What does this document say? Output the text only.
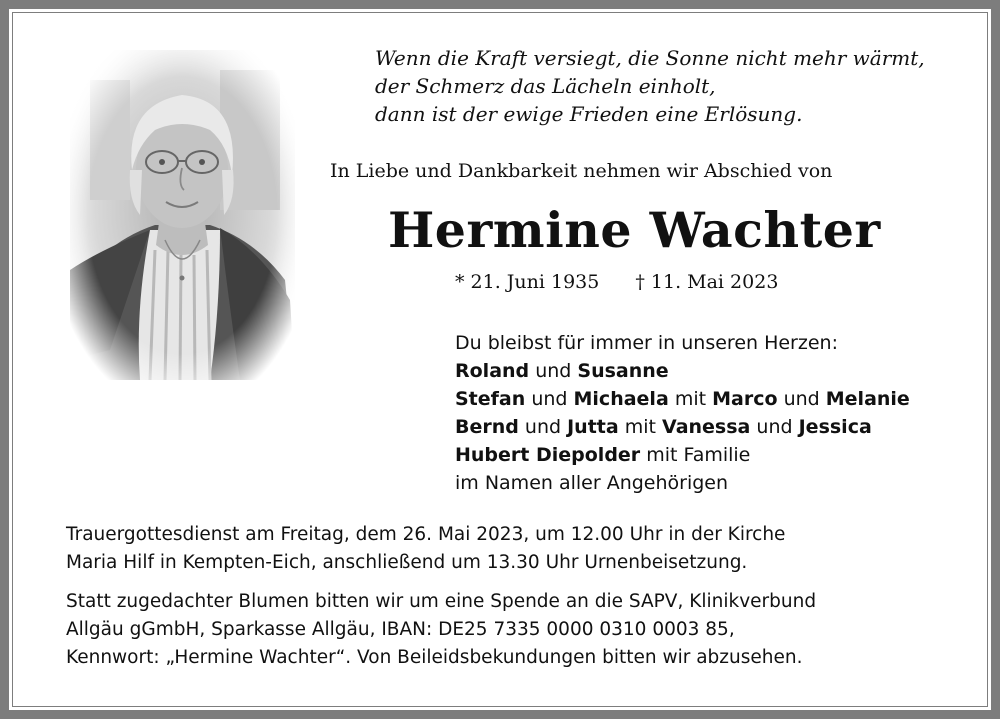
Wenn die Kraft versiegt, die Sonne nicht mehr wärmt,
der Schmerz das Lächeln einholt,
dann ist der ewige Frieden eine Erlösung.
In Liebe und Dankbarkeit nehmen wir Abschied von
Hermine Wachter
* 21. Juni 1935 † 11. Mai 2023
Du bleibst für immer in unseren Herzen:
Roland und Susanne
Stefan und Michaela mit Marco und Melanie
Bernd und Jutta mit Vanessa und Jessica
Hubert Diepolder mit Familie
im Namen aller Angehörigen
Trauergottesdienst am Freitag, dem 26. Mai 2023, um 12.00 Uhr in der Kirche
Maria Hilf in Kempten-Eich, anschließend um 13.30 Uhr Urnenbeisetzung.
Statt zugedachter Blumen bitten wir um eine Spende an die SAPV, Klinikverbund
Allgäu gGmbH, Sparkasse Allgäu, IBAN: DE25 7335 0000 0310 0003 85,
Kennwort: „Hermine Wachter“. Von Beileidsbekundungen bitten wir abzusehen.
